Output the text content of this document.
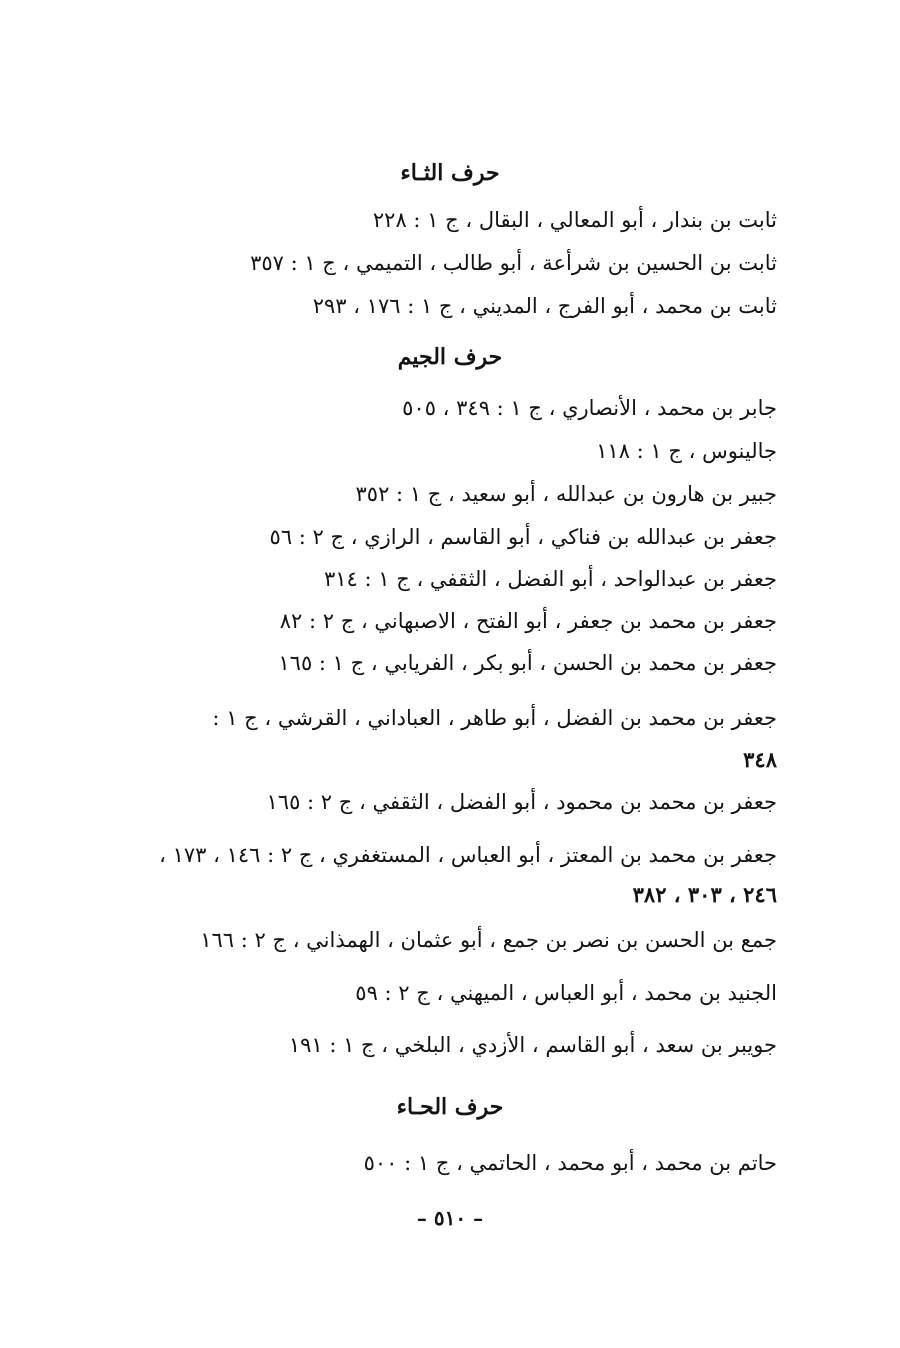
حرف الثـاء
ثابت بن بندار ، أبو المعالي ، البقال ، ج ١ : ٢٢٨
ثابت بن الحسين بن شرأعة ، أبو طالب ، التميمي ، ج ١ : ٣٥٧
ثابت بن محمد ، أبو الفرج ، المديني ، ج ١ : ١٧٦ ، ٢٩٣
حرف الجيم
جابر بن محمد ، الأنصاري ، ج ١ : ٣٤٩ ، ٥٠٥
جالينوس ، ج ١ : ١١٨
جبير بن هارون بن عبدالله ، أبو سعيد ، ج ١ : ٣٥٢
جعفر بن عبدالله بن فناكي ، أبو القاسم ، الرازي ، ج ٢ : ٥٦
جعفر بن عبدالواحد ، أبو الفضل ، الثقفي ، ج ١ : ٣١٤
جعفر بن محمد بن جعفر ، أبو الفتح ، الاصبهاني ، ج ٢ : ٨٢
جعفر بن محمد بن الحسن ، أبو بكر ، الفريابي ، ج ١ : ١٦٥
جعفر بن محمد بن الفضل ، أبو طاهر ، العباداني ، القرشي ، ج ١ :
٣٤٨
جعفر بن محمد بن محمود ، أبو الفضل ، الثقفي ، ج ٢ : ١٦٥
جعفر بن محمد بن المعتز ، أبو العباس ، المستغفري ، ج ٢ : ١٤٦ ، ١٧٣ ،
٢٤٦ ، ٣٠٣ ، ٣٨٢
جمع بن الحسن بن نصر بن جمع ، أبو عثمان ، الهمذاني ، ج ٢ : ١٦٦
الجنيد بن محمد ، أبو العباس ، الميهني ، ج ٢ : ٥٩
جويبر بن سعد ، أبو القاسم ، الأزدي ، البلخي ، ج ١ : ١٩١
حرف الحـاء
حاتم بن محمد ، أبو محمد ، الحاتمي ، ج ١ : ٥٠٠
– ٥١٠ –
